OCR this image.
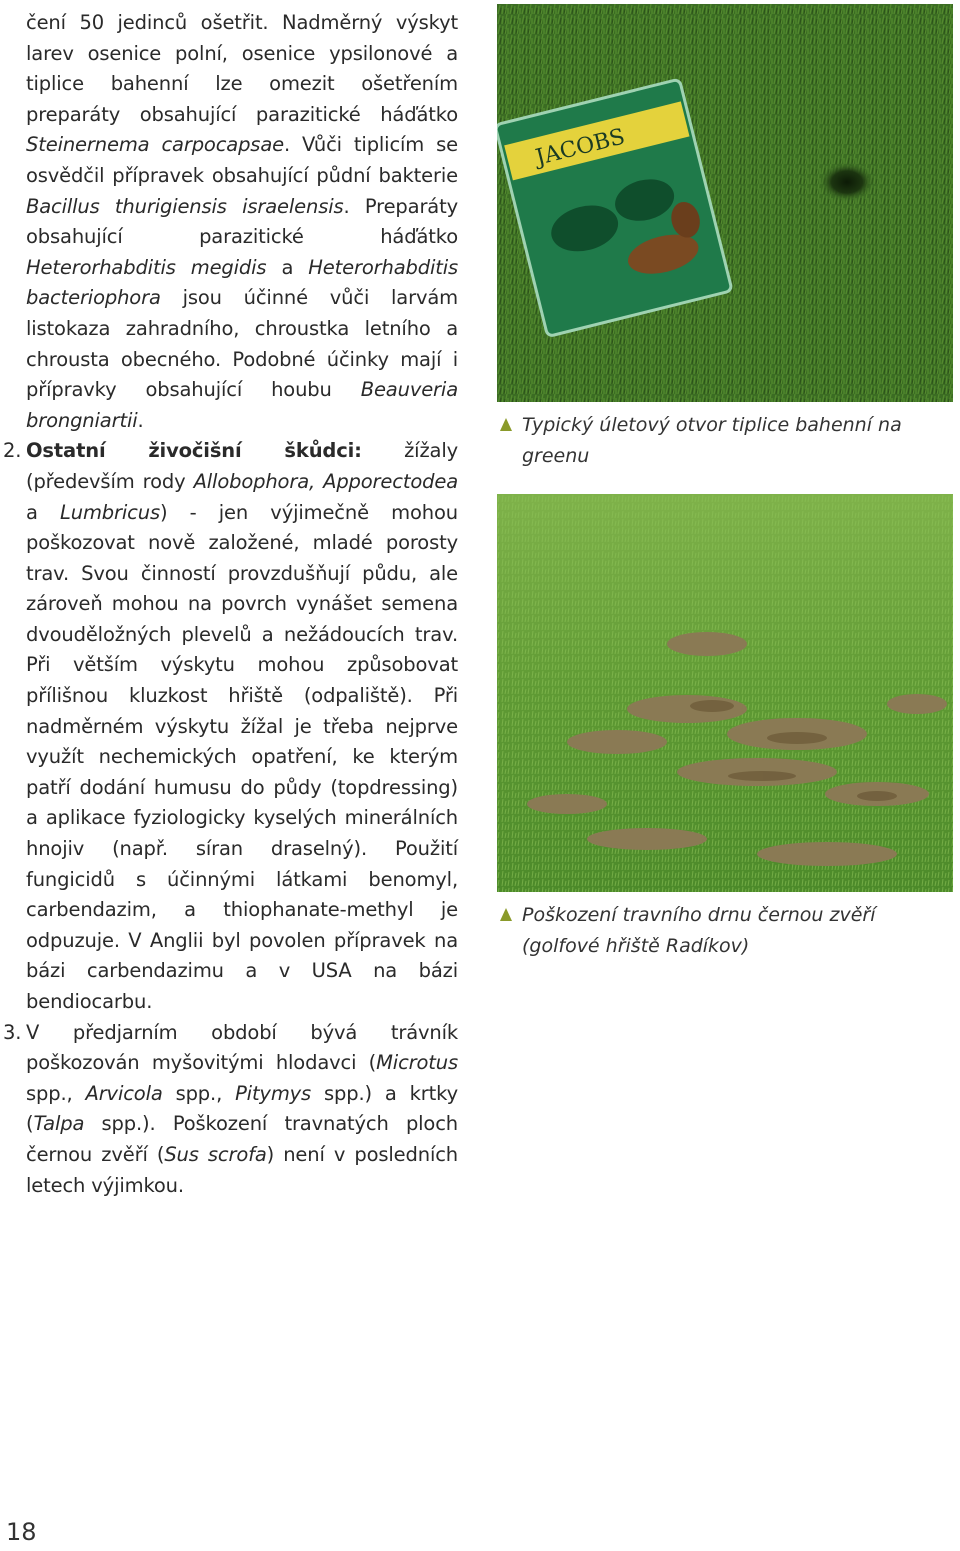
čení 50 jedinců ošetřit. Nadměrný výskyt larev osenice polní, osenice ypsilonové a tiplice bahenní lze omezit ošetřením preparáty obsahující parazitické háďátko Steinernema carpocapsae. Vůči tiplicím se osvědčil přípravek obsahující půdní bakterie Bacillus thurigiensis israelensis. Preparáty obsahující parazitické háďátko Heterorhabditis megidis a Heterorhabditis bacteriophora jsou účinné vůči larvám listokaza zahradního, chroustka letního a chrousta obecného. Podobné účinky mají i přípravky obsahující houbu Beauveria brongniartii.

2. Ostatní živočišní škůdci: žížaly (především rody Allobophora, Apporectodea a Lumbricus) - jen výjimečně mohou poškozovat nově založené, mladé porosty trav. Svou činností provzdušňují půdu, ale zároveň mohou na povrch vynášet semena dvouděložných plevelů a nežádoucích trav. Při větším výskytu mohou způsobovat přílišnou kluzkost hřiště (odpaliště). Při nadměrném výskytu žížal je třeba nejprve využít nechemických opatření, ke kterým patří dodání humusu do půdy (topdressing) a aplikace fyziologicky kyselých minerálních hnojiv (např. síran draselný). Použití fungicidů s účinnými látkami benomyl, carbendazim, a thiophanate-methyl je odpuzuje. V Anglii byl povolen přípravek na bázi carbendazimu a v USA na bázi bendiocarbu.

3. V předjarním období bývá trávník poškozován myšovitými hlodavci (Microtus spp., Arvicola spp., Pitymys spp.) a krtky (Talpa spp.). Poškození travnatých ploch černou zvěří (Sus scrofa) není v posledních letech výjimkou.

JACOBS
Typický úletový otvor tiplice bahenní na greenu
Poškození travního drnu černou zvěří (golfové hřiště Radíkov)
18
